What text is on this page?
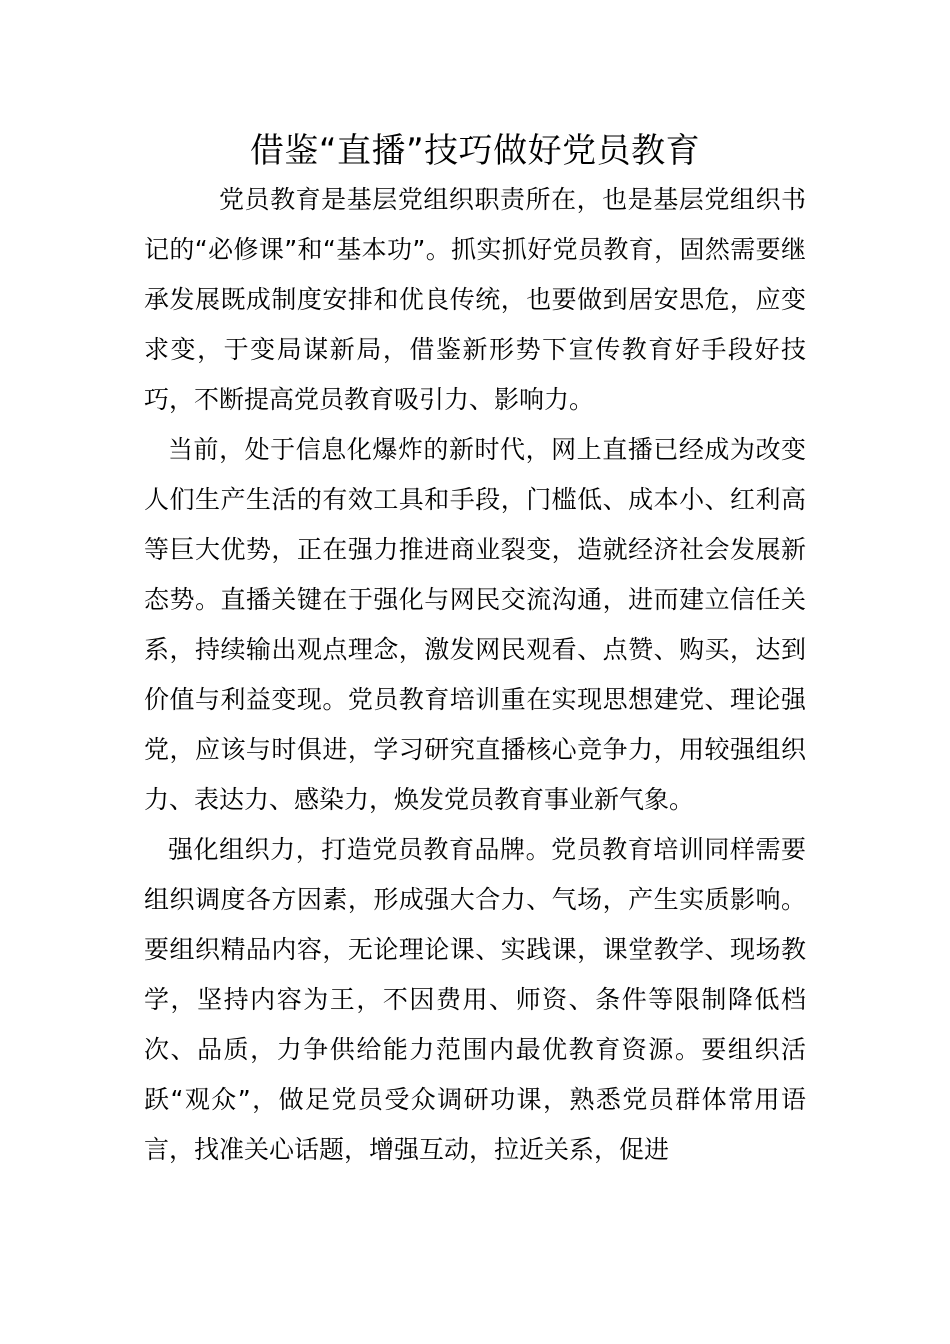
借鉴“直播”技巧做好党员教育

党员教育是基层党组织职责所在，也是基层党组织书记的“必修课”和“基本功”。抓实抓好党员教育，固然需要继承发展既成制度安排和优良传统，也要做到居安思危，应变求变，于变局谋新局，借鉴新形势下宣传教育好手段好技巧，不断提高党员教育吸引力、影响力。

当前，处于信息化爆炸的新时代，网上直播已经成为改变人们生产生活的有效工具和手段，门槛低、成本小、红利高等巨大优势，正在强力推进商业裂变，造就经济社会发展新态势。直播关键在于强化与网民交流沟通，进而建立信任关系，持续输出观点理念，激发网民观看、点赞、购买，达到价值与利益变现。党员教育培训重在实现思想建党、理论强党，应该与时俱进，学习研究直播核心竞争力，用较强组织力、表达力、感染力，焕发党员教育事业新气象。

强化组织力，打造党员教育品牌。党员教育培训同样需要组织调度各方因素，形成强大合力、气场，产生实质影响。要组织精品内容，无论理论课、实践课，课堂教学、现场教学，坚持内容为王，不因费用、师资、条件等限制降低档次、品质，力争供给能力范围内最优教育资源。要组织活跃“观众”，做足党员受众调研功课，熟悉党员群体常用语言，找准关心话题，增强互动，拉近关系，促进
